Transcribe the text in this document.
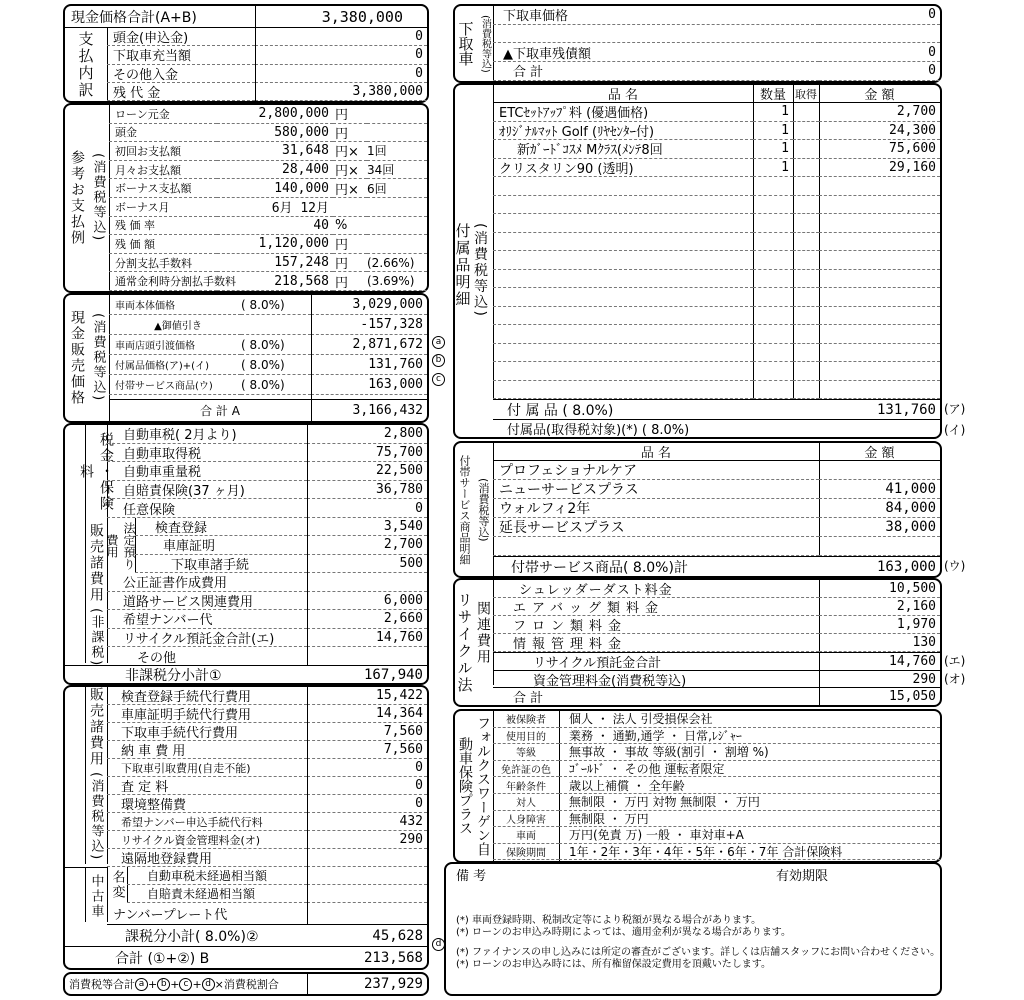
現金価格合計(A+B)	3,380,000
支払内訳	頭金(申込金)	0
下取車充当額	0
その他入金	0
残 代 金	3,380,000
参考お支払例 (消費税等込)
ローン元金	2,800,000 円
頭金	580,000 円
初回お支払額	31,648 円× 1回
月々お支払額	28,400 円× 34回
ボーナス支払額	140,000 円× 6回
ボーナス月	6月 12月
残 価 率	40 %
残 価 額	1,120,000 円
分割支払手数料	157,248 円	(2.66%)
通常金利時分割払手数料	218,568 円	(3.69%)
現金販売価格 (消費税等込)
車両本体価格	( 8.0%)	3,029,000
▲御値引き	-157,328
車両店頭引渡価格	( 8.0%)	2,871,672
付属品価格(ア)+(イ)	( 8.0%)	131,760
付帯サービス商品(ウ)	( 8.0%)	163,000
合 計 A	3,166,432
a
b
c
税金・保険料
販売諸費用
(非課税)
自動車税( 2月より)	2,800
自動車取得税	75,700
自動車重量税	22,500
自賠責保険(37 ヶ月)	36,780
任意保険	0
法定預り費用
検査登録	3,540
車庫証明	2,700
下取車諸手続	500
公正証書作成費用
道路サービス関連費用	6,000
希望ナンバー代	2,660
リサイクル預託金合計(エ)	14,760
その他
非課税分小計①	167,940
販売諸費用
(消費税等込)
検査登録手続代行費用	15,422
車庫証明手続代行費用	14,364
下取車手続代行費用	7,560
納 車 費 用	7,560
下取車引取費用(自走不能)	0
査 定 料	0
環境整備費	0
希望ナンバー申込手続代行料	432
リサイクル資金管理料金(オ)	290
遠隔地登録費用
中古車 名変	自動車税未経過相当額
自賠責未経過相当額
ナンバープレート代
課税分小計( 8.0%)②	45,628
合計 (①+②) B	213,568
d
消費税等合計 a + b + c + d ×消費税割合	237,929
下取車 (消費税等込) 下取車価格	0
▲下取車残債額	0
合 計	0
(消費税等込)
付属品明細
品 名	数量 取得	金 額
ETCｾｯﾄｱｯﾌﾟ料 (優遇価格)	1	2,700
ｵﾘｼﾞﾅﾙﾏｯﾄ Golf (ﾘﾔｾﾝﾀｰ付)	1	24,300
新ｶﾞｰﾄﾞｺｽﾒ Mｸﾗｽ(ﾒﾝﾃ8回	1	75,600
クリスタリン90 (透明)	1	29,160
付 属 品 ( 8.0%)	131,760
付属品(取得税対象)(*) ( 8.0%)
(ア)
(イ)
付帯サービス商品明細 (消費税等込)
品 名	金 額
プロフェショナルケア
ニューサービスプラス	41,000
ウォルフィ2年	84,000
延長サービスプラス	38,000
付帯サービス商品( 8.0%)計	163,000 (ウ)
リサイクル法 関連費用
シュレッダーダスト料金	10,500
エアバッグ類料金	2,160
フロン類料金	1,970
情報管理料金	130
リサイクル預託金合計	14,760
資金管理料金(消費税等込)	290
合 計	15,050
(エ)
(オ)
フォルクスワーゲン自動車保険プラス
被保険者	個人 ・ 法人 引受損保会社
使用目的	業務 ・ 通勤,通学 ・ 日常,ﾚｼﾞｬｰ
等級	無事故 ・ 事故 等級(割引 ・ 割増 %)
免許証の色	ｺﾞｰﾙﾄﾞ ・ その他 運転者限定
年齢条件	歳以上補償 ・ 全年齢
対人	無制限 ・ 万円 対物 無制限 ・ 万円
人身障害	無制限 ・ 万円
車両	万円(免責 万) 一般 ・ 車対車+A
保険期間	1年・2年・3年・4年・5年・6年・7年 合計保険料
備 考	有効期限
(*) 車両登録時期、税制改定等により税額が異なる場合があります。
(*) ローンのお申込み時期によっては、適用金利が異なる場合があります。
(*) ファイナンスの申し込みには所定の審査がございます。詳しくは店舗スタッフにお問い合わせください。
(*) ローンのお申込み時には、所有権留保設定費用を頂戴いたします。
